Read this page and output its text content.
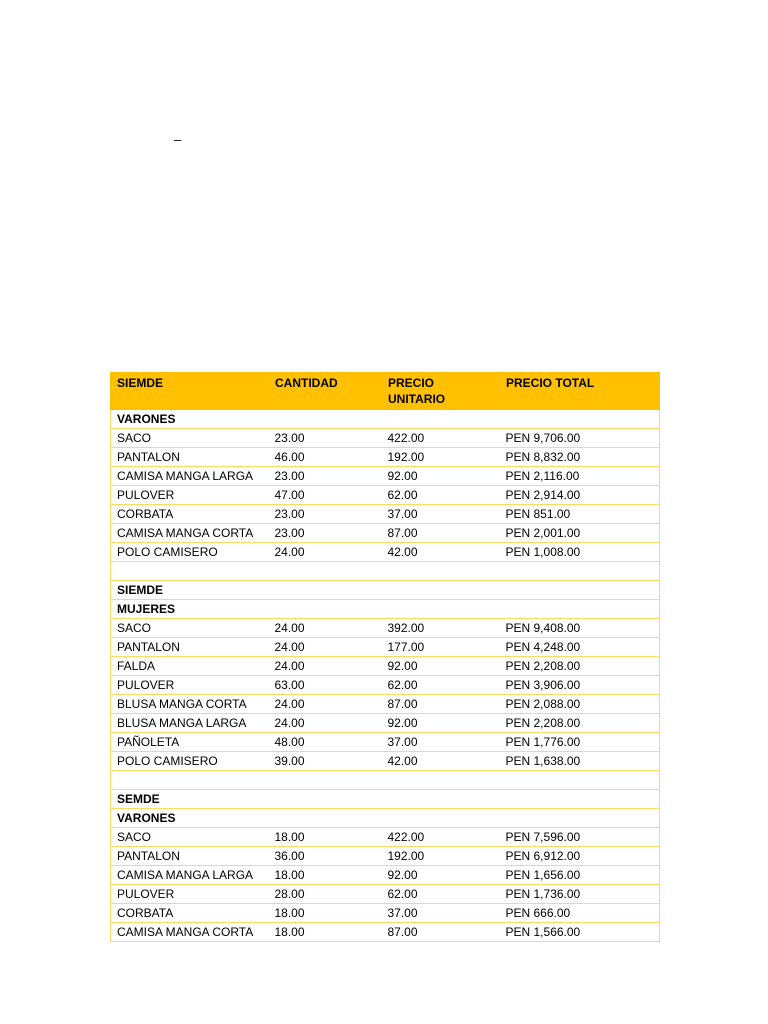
–
SIEMDE	CANTIDAD	PRECIO UNITARIO	PRECIO TOTAL
VARONES			
SACO	23.00	422.00	PEN 9,706.00
PANTALON	46.00	192.00	PEN 8,832.00
CAMISA MANGA LARGA	23.00	92.00	PEN 2,116.00
PULOVER	47.00	62.00	PEN 2,914.00
CORBATA	23.00	37.00	PEN 851.00
CAMISA MANGA CORTA	23.00	87.00	PEN 2,001.00
POLO CAMISERO	24.00	42.00	PEN 1,008.00

SIEMDE			
MUJERES			
SACO	24.00	392.00	PEN 9,408.00
PANTALON	24.00	177.00	PEN 4,248.00
FALDA	24.00	92.00	PEN 2,208.00
PULOVER	63.00	62.00	PEN 3,906.00
BLUSA MANGA CORTA	24.00	87.00	PEN 2,088.00
BLUSA MANGA LARGA	24.00	92.00	PEN 2,208.00
PAÑOLETA	48.00	37.00	PEN 1,776.00
POLO CAMISERO	39.00	42.00	PEN 1,638.00

SEMDE			
VARONES			
SACO	18.00	422.00	PEN 7,596.00
PANTALON	36.00	192.00	PEN 6,912.00
CAMISA MANGA LARGA	18.00	92.00	PEN 1,656.00
PULOVER	28.00	62.00	PEN 1,736.00
CORBATA	18.00	37.00	PEN 666.00
CAMISA MANGA CORTA	18.00	87.00	PEN 1,566.00
